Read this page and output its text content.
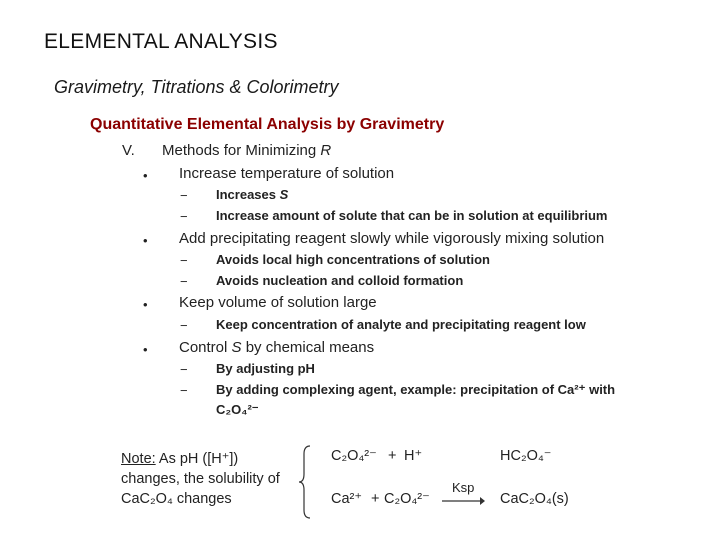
ELEMENTAL ANALYSIS
Gravimetry, Titrations & Colorimetry
Quantitative Elemental Analysis by Gravimetry
V. Methods for Minimizing R
• Increase temperature of solution
− Increases S
− Increase amount of solute that can be in solution at equilibrium
• Add precipitating reagent slowly while vigorously mixing solution
− Avoids local high concentrations of solution
− Avoids nucleation and colloid formation
• Keep volume of solution large
− Keep concentration of analyte and precipitating reagent low
• Control S by chemical means
− By adjusting pH
− By adding complexing agent, example: precipitation of Ca²⁺ with
C₂O₄²⁻
Note: As pH ([H⁺]) changes, the solubility of CaC₂O₄ changes
C₂O₄²⁻ + H⁺	HC₂O₄⁻
Ca²⁺ + C₂O₄²⁻
Ksp
CaC₂O₄(s)
